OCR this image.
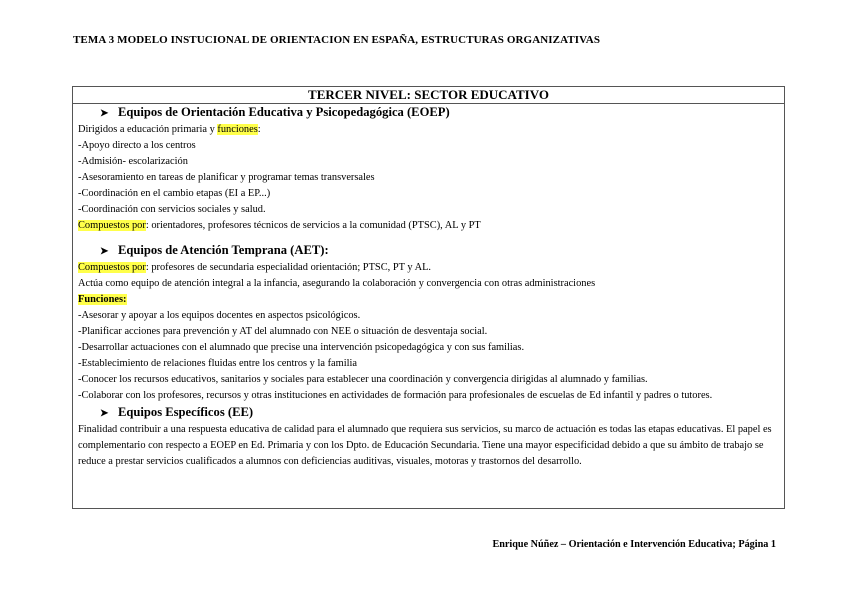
TEMA 3 MODELO INSTUCIONAL DE ORIENTACION EN ESPAÑA, ESTRUCTURAS ORGANIZATIVAS
TERCER NIVEL: SECTOR EDUCATIVO
➤ Equipos de Orientación Educativa y Psicopedagógica (EOEP)
Dirigidos a educación primaria y funciones:
-Apoyo directo a los centros
-Admisión- escolarización
-Asesoramiento en tareas de planificar y programar temas transversales
-Coordinación en el cambio etapas (EI a EP...)
-Coordinación con servicios sociales y salud.
Compuestos por: orientadores, profesores técnicos de servicios a la comunidad (PTSC), AL y PT
➤ Equipos de Atención Temprana (AET):
Compuestos por: profesores de secundaria especialidad orientación; PTSC, PT y AL.
Actúa como equipo de atención integral a la infancia, asegurando la colaboración y convergencia con otras administraciones
Funciones:
-Asesorar y apoyar a los equipos docentes en aspectos psicológicos.
-Planificar acciones para prevención y AT del alumnado con NEE o situación de desventaja social.
-Desarrollar actuaciones con el alumnado que precise una intervención psicopedagógica y con sus familias.
-Establecimiento de relaciones fluidas entre los centros y la familia
-Conocer los recursos educativos, sanitarios y sociales para establecer una coordinación y convergencia dirigidas al alumnado y familias.
-Colaborar con los profesores, recursos y otras instituciones en actividades de formación para profesionales de escuelas de Ed infantil y padres o tutores.
➤ Equipos Específicos (EE)
Finalidad contribuir a una respuesta educativa de calidad para el alumnado que requiera sus servicios, su marco de actuación es todas las etapas educativas. El papel es complementario con respecto a EOEP en Ed. Primaria y con los Dpto. de Educación Secundaria. Tiene una mayor especificidad debido a que su ámbito de trabajo se reduce a prestar servicios cualificados a alumnos con deficiencias auditivas, visuales, motoras y trastornos del desarrollo.
Enrique Núñez – Orientación e Intervención Educativa; Página 1
